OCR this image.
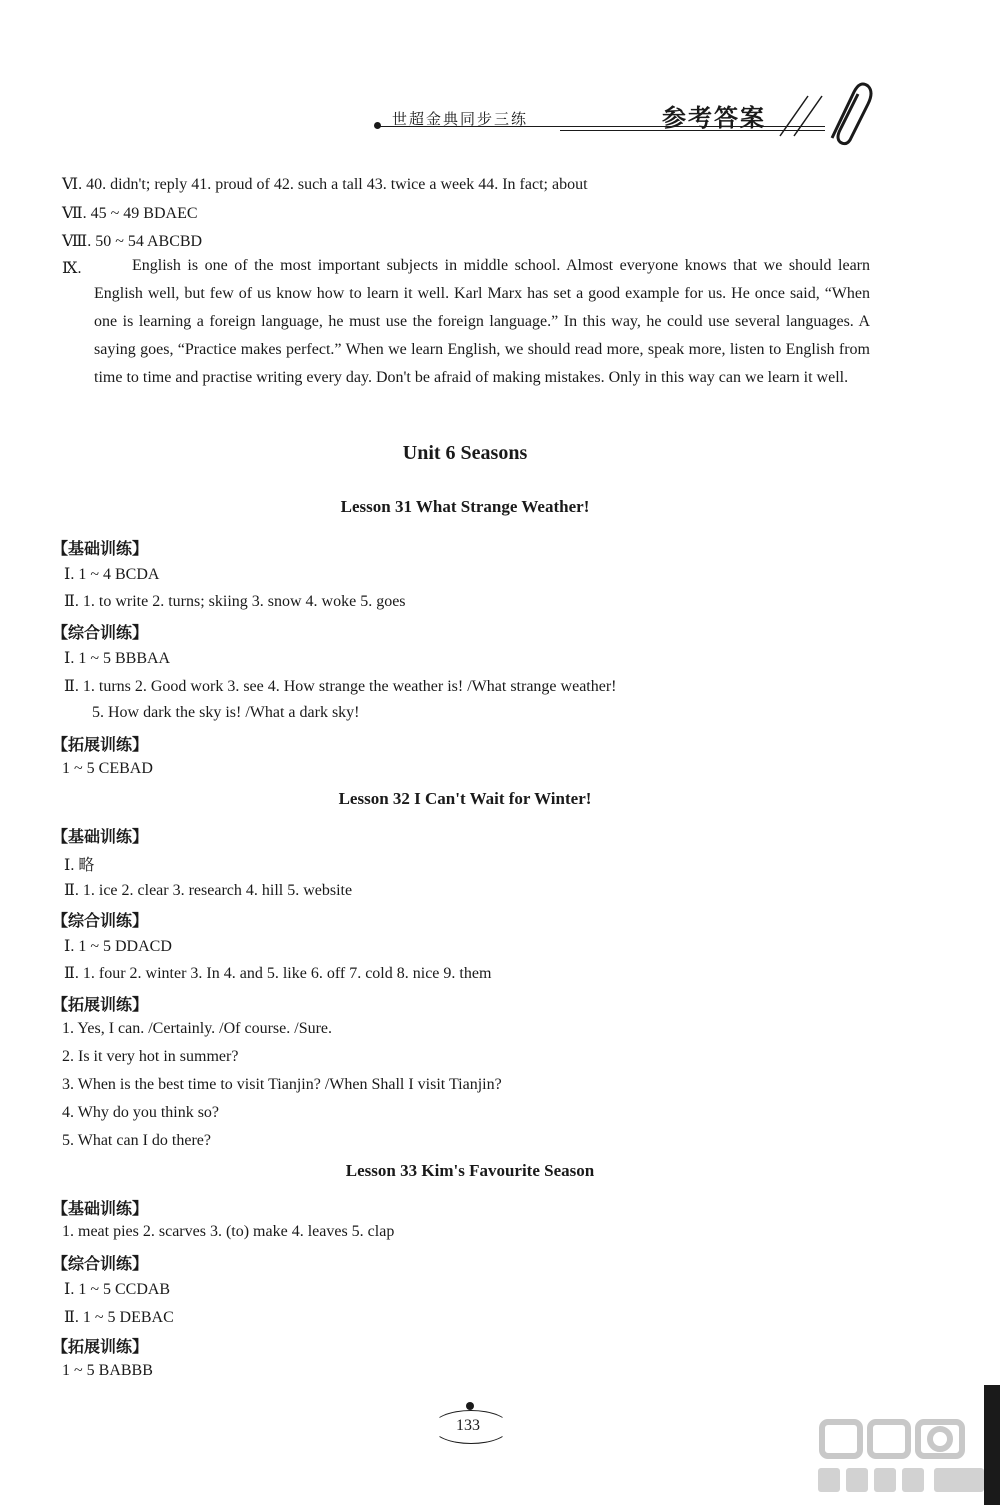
世超金典同步三练	参考答案
Ⅵ. 40. didn't; reply 41. proud of 42. such a tall 43. twice a week 44. In fact; about
Ⅶ. 45 ~ 49 BDAEC
Ⅷ. 50 ~ 54 ABCBD
Ⅸ.	English is one of the most important subjects in middle school. Almost everyone knows that we should learn English well, but few of us know how to learn it well. Karl Marx has set a good example for us. He once said, “When one is learning a foreign language, he must use the foreign language.” In this way, he could use several languages. A saying goes, “Practice makes perfect.” When we learn English, we should read more, speak more, listen to English from time to time and practise writing every day. Don't be afraid of making mistakes. Only in this way can we learn it well.
Unit 6 Seasons
Lesson 31 What Strange Weather!
【基础训练】
Ⅰ. 1 ~ 4 BCDA
Ⅱ. 1. to write 2. turns; skiing 3. snow 4. woke 5. goes
【综合训练】
Ⅰ. 1 ~ 5 BBBAA
Ⅱ. 1. turns 2. Good work 3. see 4. How strange the weather is! /What strange weather!
5. How dark the sky is! /What a dark sky!
【拓展训练】
1 ~ 5 CEBAD
Lesson 32 I Can't Wait for Winter!
【基础训练】
Ⅰ. 略
Ⅱ. 1. ice 2. clear 3. research 4. hill 5. website
【综合训练】
Ⅰ. 1 ~ 5 DDACD
Ⅱ. 1. four 2. winter 3. In 4. and 5. like 6. off 7. cold 8. nice 9. them
【拓展训练】
1. Yes, I can. /Certainly. /Of course. /Sure.
2. Is it very hot in summer?
3. When is the best time to visit Tianjin? /When Shall I visit Tianjin?
4. Why do you think so?
5. What can I do there?
Lesson 33 Kim's Favourite Season
【基础训练】
1. meat pies 2. scarves 3. (to) make 4. leaves 5. clap
【综合训练】
Ⅰ. 1 ~ 5 CCDAB
Ⅱ. 1 ~ 5 DEBAC
【拓展训练】
1 ~ 5 BABBB
133
